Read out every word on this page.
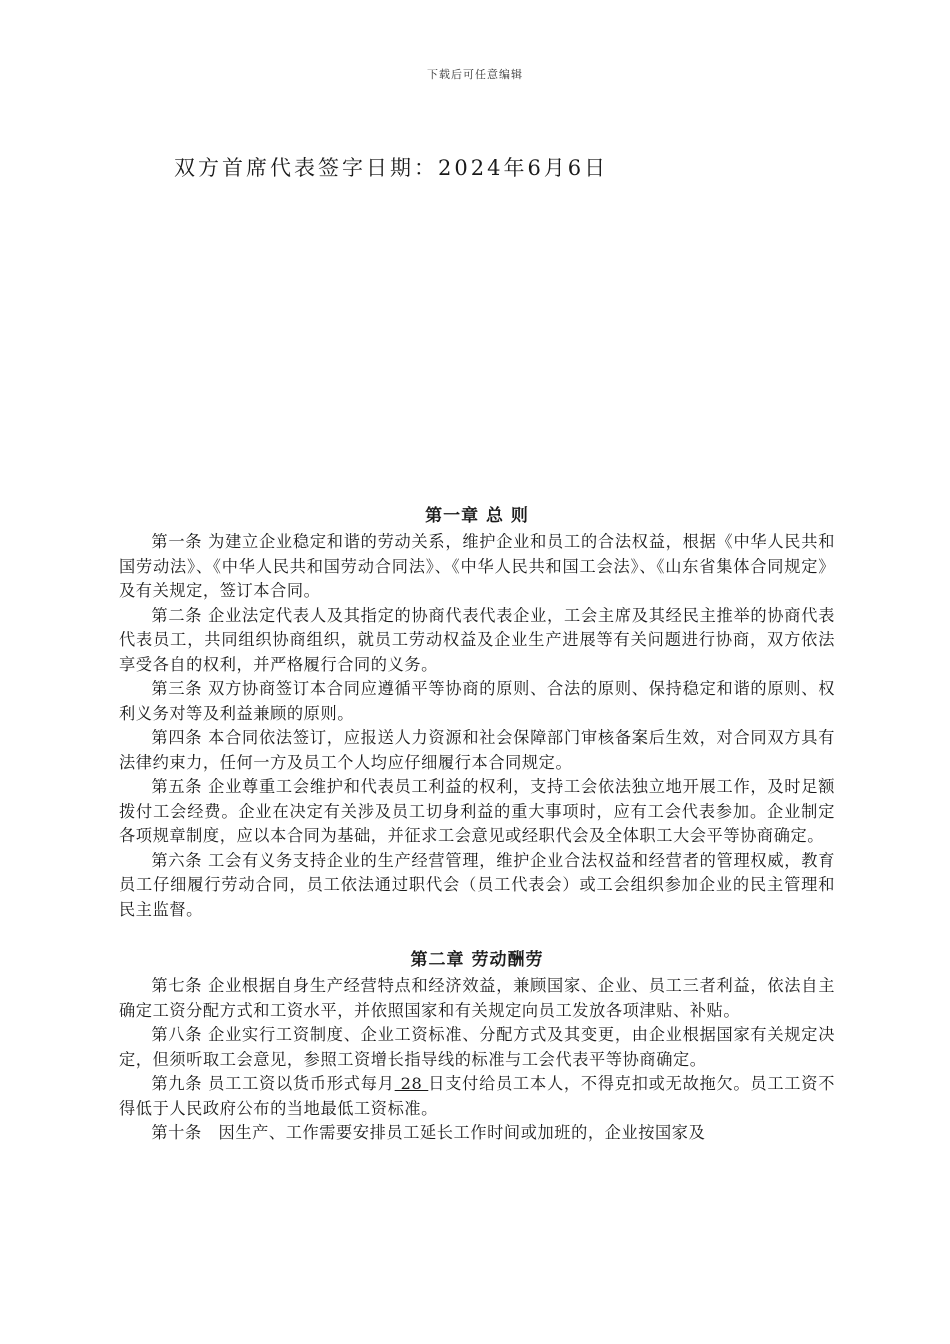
下载后可任意编辑
双方首席代表签字日期：2024年6月6日
第一章 总 则

第一条 为建立企业稳定和谐的劳动关系，维护企业和员工的合法权益，根据《中华人民共和国劳动法》、《中华人民共和国劳动合同法》、《中华人民共和国工会法》、《山东省集体合同规定》及有关规定，签订本合同。

第二条 企业法定代表人及其指定的协商代表代表企业，工会主席及其经民主推举的协商代表代表员工，共同组织协商组织，就员工劳动权益及企业生产进展等有关问题进行协商，双方依法享受各自的权利，并严格履行合同的义务。

第三条 双方协商签订本合同应遵循平等协商的原则、合法的原则、保持稳定和谐的原则、权利义务对等及利益兼顾的原则。

第四条 本合同依法签订，应报送人力资源和社会保障部门审核备案后生效，对合同双方具有法律约束力，任何一方及员工个人均应仔细履行本合同规定。

第五条 企业尊重工会维护和代表员工利益的权利，支持工会依法独立地开展工作，及时足额拨付工会经费。企业在决定有关涉及员工切身利益的重大事项时，应有工会代表参加。企业制定各项规章制度，应以本合同为基础，并征求工会意见或经职代会及全体职工大会平等协商确定。

第六条 工会有义务支持企业的生产经营管理，维护企业合法权益和经营者的管理权威，教育员工仔细履行劳动合同，员工依法通过职代会（员工代表会）或工会组织参加企业的民主管理和民主监督。

第二章 劳动酬劳

第七条 企业根据自身生产经营特点和经济效益，兼顾国家、企业、员工三者利益，依法自主确定工资分配方式和工资水平，并依照国家和有关规定向员工发放各项津贴、补贴。

第八条 企业实行工资制度、企业工资标准、分配方式及其变更，由企业根据国家有关规定决定，但须听取工会意见，参照工资增长指导线的标准与工会代表平等协商确定。

第九条 员工工资以货币形式每月 28 日支付给员工本人，不得克扣或无故拖欠。员工工资不得低于人民政府公布的当地最低工资标准。

第十条　因生产、工作需要安排员工延长工作时间或加班的，企业按国家及
